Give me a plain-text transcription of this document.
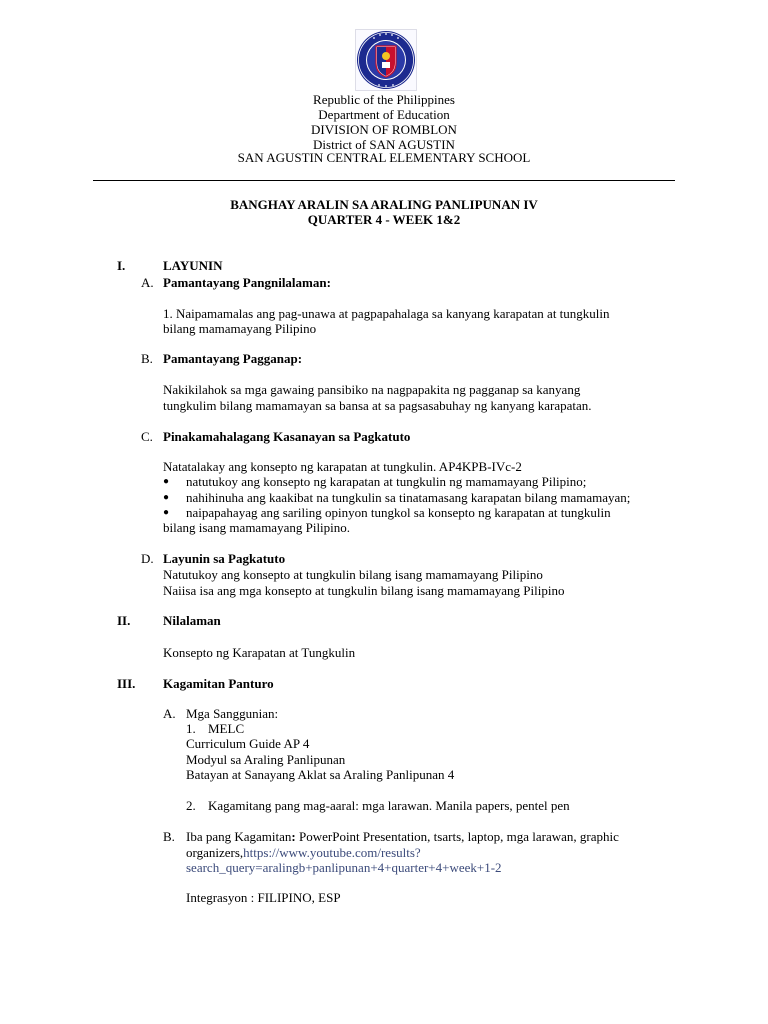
Republic of the Philippines
Department of Education
DIVISION OF ROMBLON
District of SAN AGUSTIN
SAN AGUSTIN CENTRAL ELEMENTARY SCHOOL
BANGHAY ARALIN SA ARALING PANLIPUNAN IV
QUARTER 4 - WEEK 1&2
I.	LAYUNIN
A. Pamantayang Pangnilalaman:
1. Naipamamalas ang pag-unawa at pagpapahalaga sa kanyang karapatan at tungkulin
bilang mamamayang Pilipino
B. Pamantayang Pagganap:
Nakikilahok sa mga gawaing pansibiko na nagpapakita ng pagganap sa kanyang
tungkulim bilang mamamayan sa bansa at sa pagsasabuhay ng kanyang karapatan.
C. Pinakamahalagang Kasanayan sa Pagkatuto
Natatalakay ang konsepto ng karapatan at tungkulin. AP4KPB-IVc-2
● natutukoy ang konsepto ng karapatan at tungkulin ng mamamayang Pilipino;
● nahihinuha ang kaakibat na tungkulin sa tinatamasang karapatan bilang mamamayan;
● naipapahayag ang sariling opinyon tungkol sa konsepto ng karapatan at tungkulin
bilang isang mamamayang Pilipino.
D. Layunin sa Pagkatuto
Natutukoy ang konsepto at tungkulin bilang isang mamamayang Pilipino
Naiisa isa ang mga konsepto at tungkulin bilang isang mamamayang Pilipino
II.	Nilalaman
Konsepto ng Karapatan at Tungkulin
III. Kagamitan Panturo
A. Mga Sanggunian:
1. MELC
Curriculum Guide AP 4
Modyul sa Araling Panlipunan
Batayan at Sanayang Aklat sa Araling Panlipunan 4
2. Kagamitang pang mag-aaral: mga larawan. Manila papers, pentel pen
B. Iba pang Kagamitan: PowerPoint Presentation, tsarts, laptop, mga larawan, graphic
organizers,https://www.youtube.com/results?
search_query=aralingb+panlipunan+4+quarter+4+week+1-2
Integrasyon : FILIPINO, ESP
